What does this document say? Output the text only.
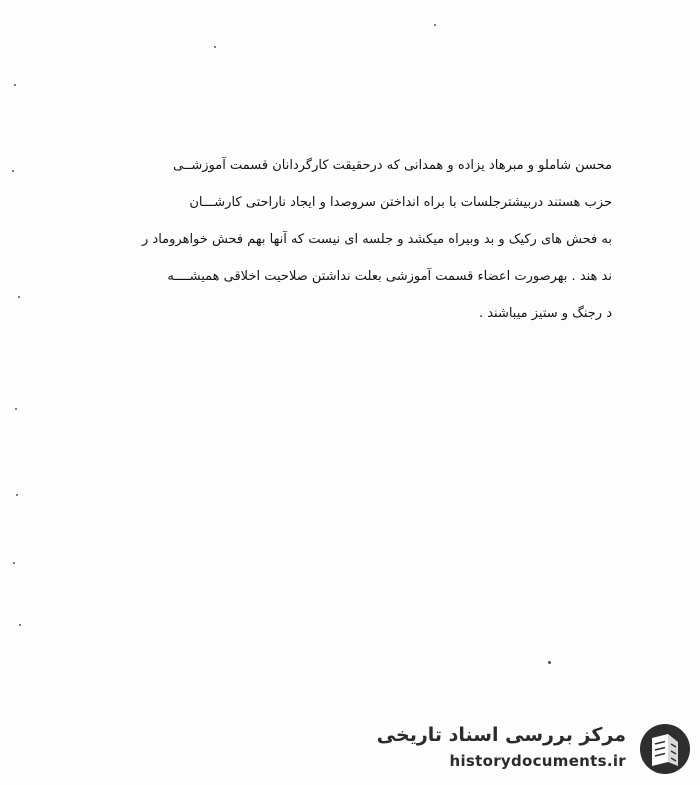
محسن شاملو و مبرهاد یزاده و همدانی که درحقیقت کارگردانان قسمت آموزشــی
حزب هستند دربیشترجلسات با براه انداختن سروصدا و ایجاد ناراحتی کارشـــان
به فحش های رکیک و بد وبیراه میکشد و جلسه ای نیست که آنها بهم فحش خواهروماد ر
ند هند . بهرصورت اعضاء قسمت آموزشی بعلت نداشتن صلاحیت اخلاقی همیشــــه
د رجنگ و ستیز میباشند .
مرکز بررسی اسناد تاریخی
historydocuments.ir
